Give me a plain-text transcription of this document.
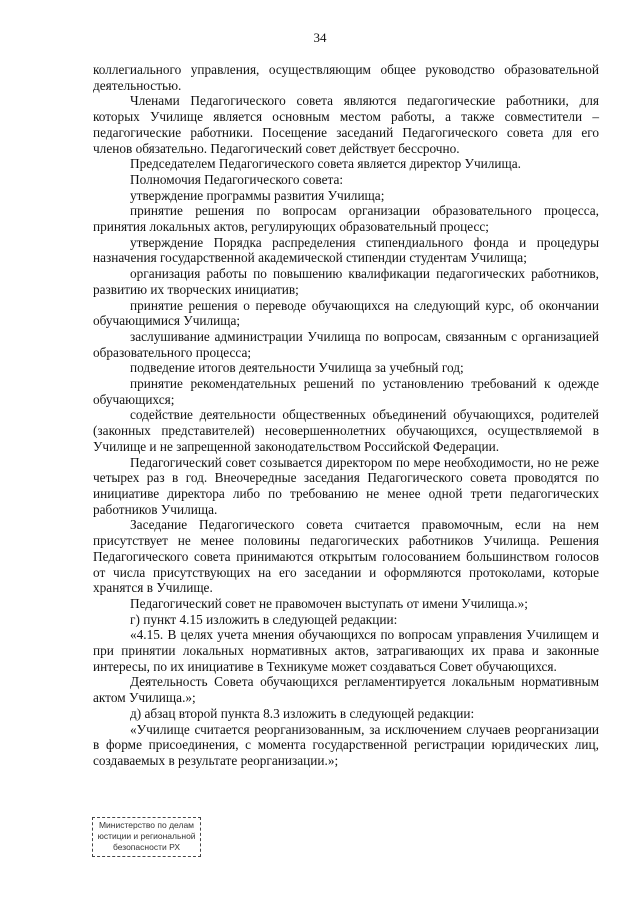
34

коллегиального управления, осуществляющим общее руководство образовательной деятельностью.

Членами Педагогического совета являются педагогические работники, для которых Училище является основным местом работы, а также совместители – педагогические работники. Посещение заседаний Педагогического совета для его членов обязательно. Педагогический совет действует бессрочно.

Председателем Педагогического совета является директор Училища.

Полномочия Педагогического совета:

утверждение программы развития Училища;

принятие решения по вопросам организации образовательного процесса, принятия локальных актов, регулирующих образовательный процесс;

утверждение Порядка распределения стипендиального фонда и процедуры назначения государственной академической стипендии студентам Училища;

организация работы по повышению квалификации педагогических работников, развитию их творческих инициатив;

принятие решения о переводе обучающихся на следующий курс, об окончании обучающимися Училища;

заслушивание администрации Училища по вопросам, связанным с организацией образовательного процесса;

подведение итогов деятельности Училища за учебный год;

принятие рекомендательных решений по установлению требований к одежде обучающихся;

содействие деятельности общественных объединений обучающихся, родителей (законных представителей) несовершеннолетних обучающихся, осуществляемой в Училище и не запрещенной законодательством Российской Федерации.

Педагогический совет созывается директором по мере необходимости, но не реже четырех раз в год. Внеочередные заседания Педагогического совета проводятся по инициативе директора либо по требованию не менее одной трети педагогических работников Училища.

Заседание Педагогического совета считается правомочным, если на нем присутствует не менее половины педагогических работников Училища. Решения Педагогического совета принимаются открытым голосованием большинством голосов от числа присутствующих на его заседании и оформляются протоколами, которые хранятся в Училище.

Педагогический совет не правомочен выступать от имени Училища.»;

г) пункт 4.15 изложить в следующей редакции:

«4.15. В целях учета мнения обучающихся по вопросам управления Училищем и при принятии локальных нормативных актов, затрагивающих их права и законные интересы, по их инициативе в Техникуме может создаваться Совет обучающихся.

Деятельность Совета обучающихся регламентируется локальным нормативным актом Училища.»;

д) абзац второй пункта 8.3 изложить в следующей редакции:

«Училище считается реорганизованным, за исключением случаев реорганизации в форме присоединения, с момента государственной регистрации юридических лиц, создаваемых в результате реорганизации.»;

Министерство по делам
юстиции и региональной
безопасности РХ
